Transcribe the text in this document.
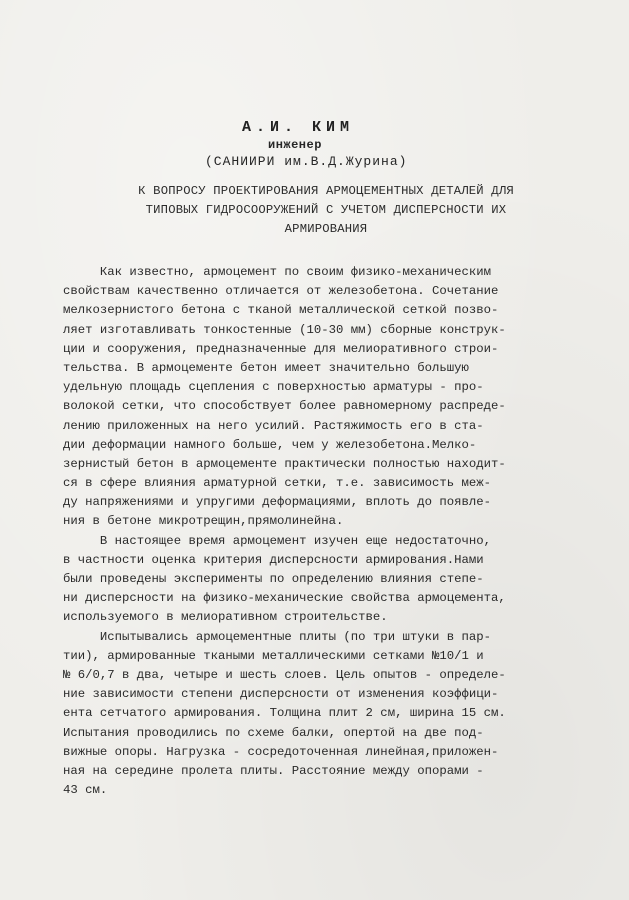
А.И. КИМ
инженер
(САНИИРИ им.В.Д.Журина)
К ВОПРОСУ ПРОЕКТИРОВАНИЯ АРМОЦЕМЕНТНЫХ ДЕТАЛЕЙ ДЛЯ
ТИПОВЫХ ГИДРОСООРУЖЕНИЙ С УЧЕТОМ ДИСПЕРСНОСТИ ИХ
АРМИРОВАНИЯ
Как известно, армоцемент по своим физико-механическим
свойствам качественно отличается от железобетона. Сочетание
мелкозернистого бетона с тканой металлической сеткой позво-
ляет изготавливать тонкостенные (10-30 мм) сборные конструк-
ции и сооружения, предназначенные для мелиоративного строи-
тельства. В армоцементе бетон имеет значительно большую
удельную площадь сцепления с поверхностью арматуры - про-
волокой сетки, что способствует более равномерному распреде-
лению приложенных на него усилий. Растяжимость его в ста-
дии деформации намного больше, чем у железобетона.Мелко-
зернистый бетон в армоцементе практически полностью находит-
ся в сфере влияния арматурной сетки, т.е. зависимость меж-
ду напряжениями и упругими деформациями, вплоть до появле-
ния в бетоне микротрещин,прямолинейна.
В настоящее время армоцемент изучен еще недостаточно,
в частности оценка критерия дисперсности армирования.Нами
были проведены эксперименты по определению влияния степе-
ни дисперсности на физико-механические свойства армоцемента,
используемого в мелиоративном строительстве.
Испытывались армоцементные плиты (по три штуки в пар-
тии), армированные ткаными металлическими сетками №10/1 и
№ 6/0,7 в два, четыре и шесть слоев. Цель опытов - определе-
ние зависимости степени дисперсности от изменения коэффици-
ента сетчатого армирования. Толщина плит 2 см, ширина 15 см.
Испытания проводились по схеме балки, опертой на две под-
вижные опоры. Нагрузка - сосредоточенная линейная,приложен-
ная на середине пролета плиты. Расстояние между опорами -
43 см.
